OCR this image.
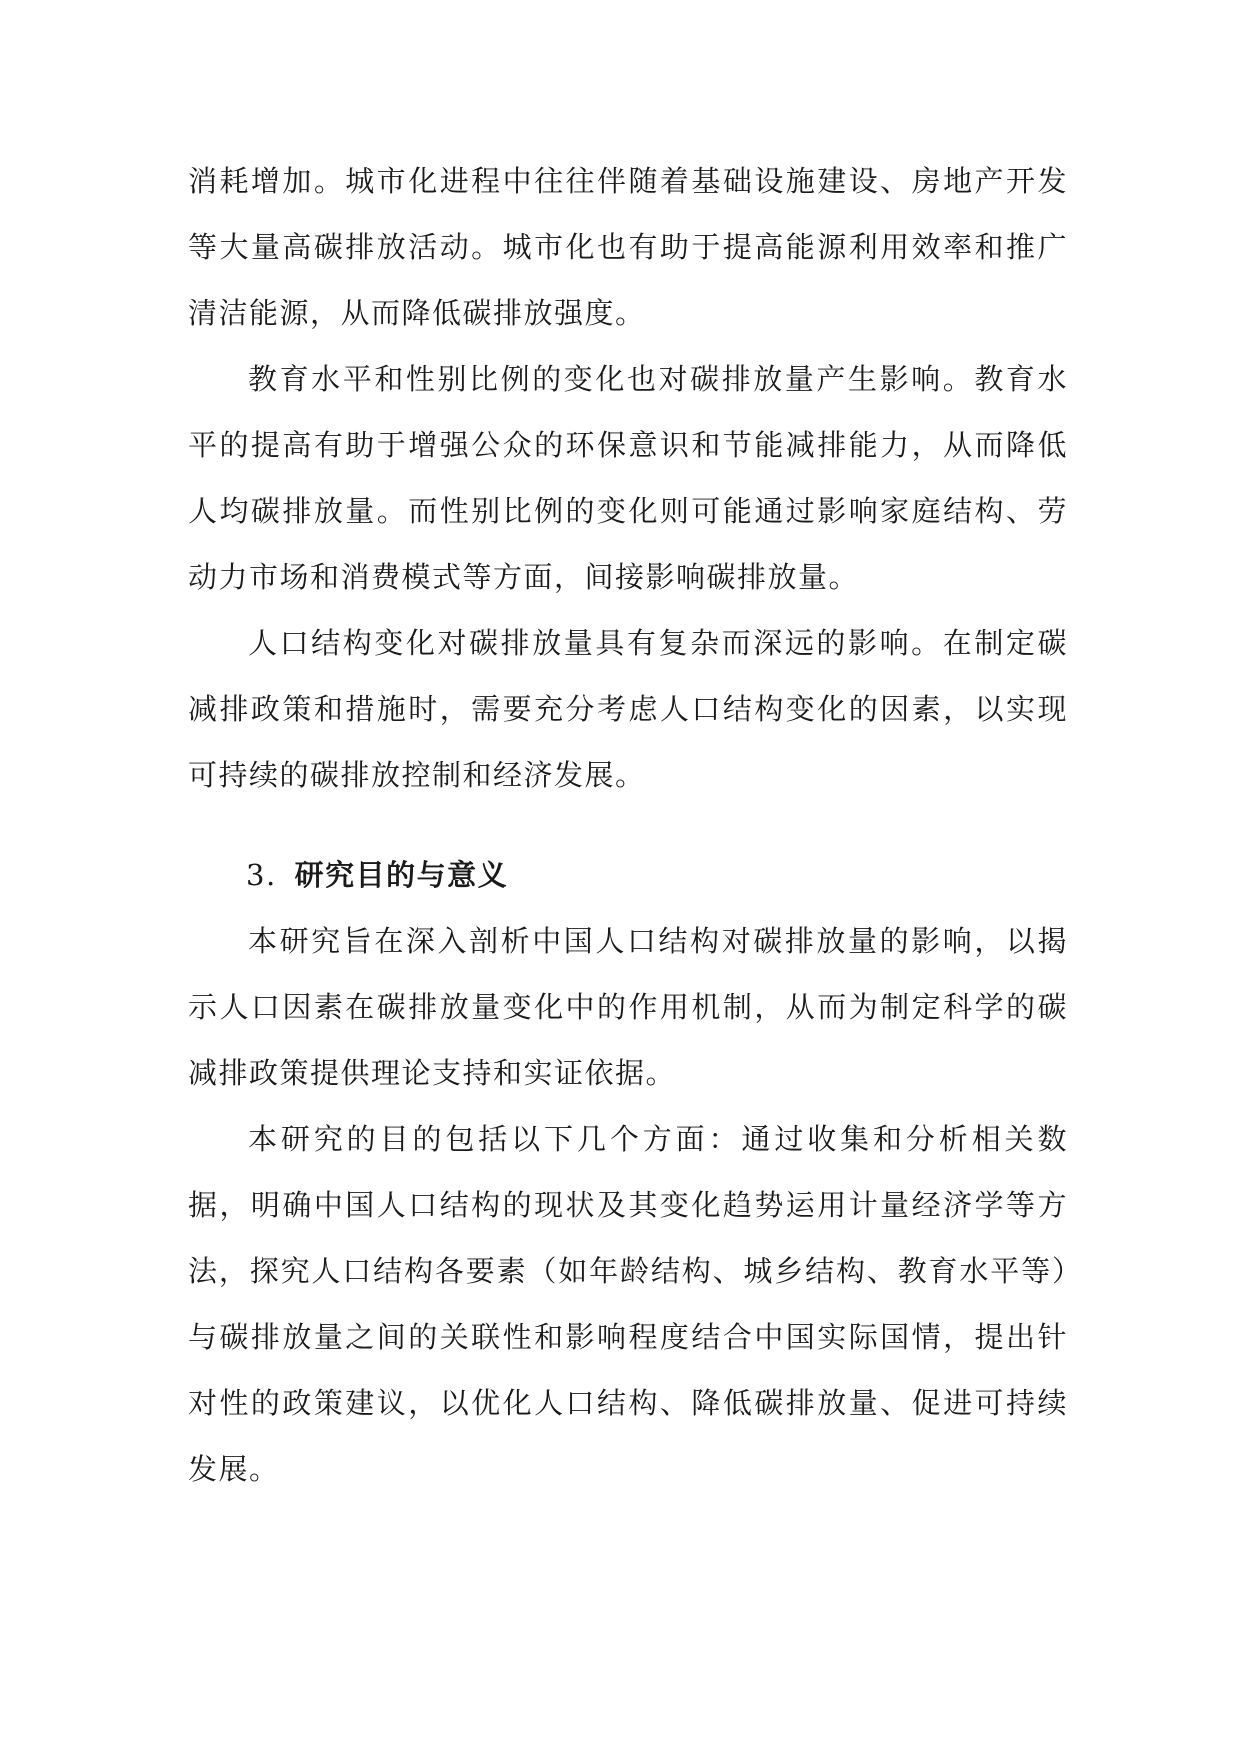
消耗增加。城市化进程中往往伴随着基础设施建设、房地产开发等大量高碳排放活动。城市化也有助于提高能源利用效率和推广清洁能源，从而降低碳排放强度。

教育水平和性别比例的变化也对碳排放量产生影响。教育水平的提高有助于增强公众的环保意识和节能减排能力，从而降低人均碳排放量。而性别比例的变化则可能通过影响家庭结构、劳动力市场和消费模式等方面，间接影响碳排放量。

人口结构变化对碳排放量具有复杂而深远的影响。在制定碳减排政策和措施时，需要充分考虑人口结构变化的因素，以实现可持续的碳排放控制和经济发展。

3. 研究目的与意义

本研究旨在深入剖析中国人口结构对碳排放量的影响，以揭示人口因素在碳排放量变化中的作用机制，从而为制定科学的碳减排政策提供理论支持和实证依据。

本研究的目的包括以下几个方面：通过收集和分析相关数据，明确中国人口结构的现状及其变化趋势运用计量经济学等方法，探究人口结构各要素（如年龄结构、城乡结构、教育水平等）与碳排放量之间的关联性和影响程度结合中国实际国情，提出针对性的政策建议，以优化人口结构、降低碳排放量、促进可持续发展。
